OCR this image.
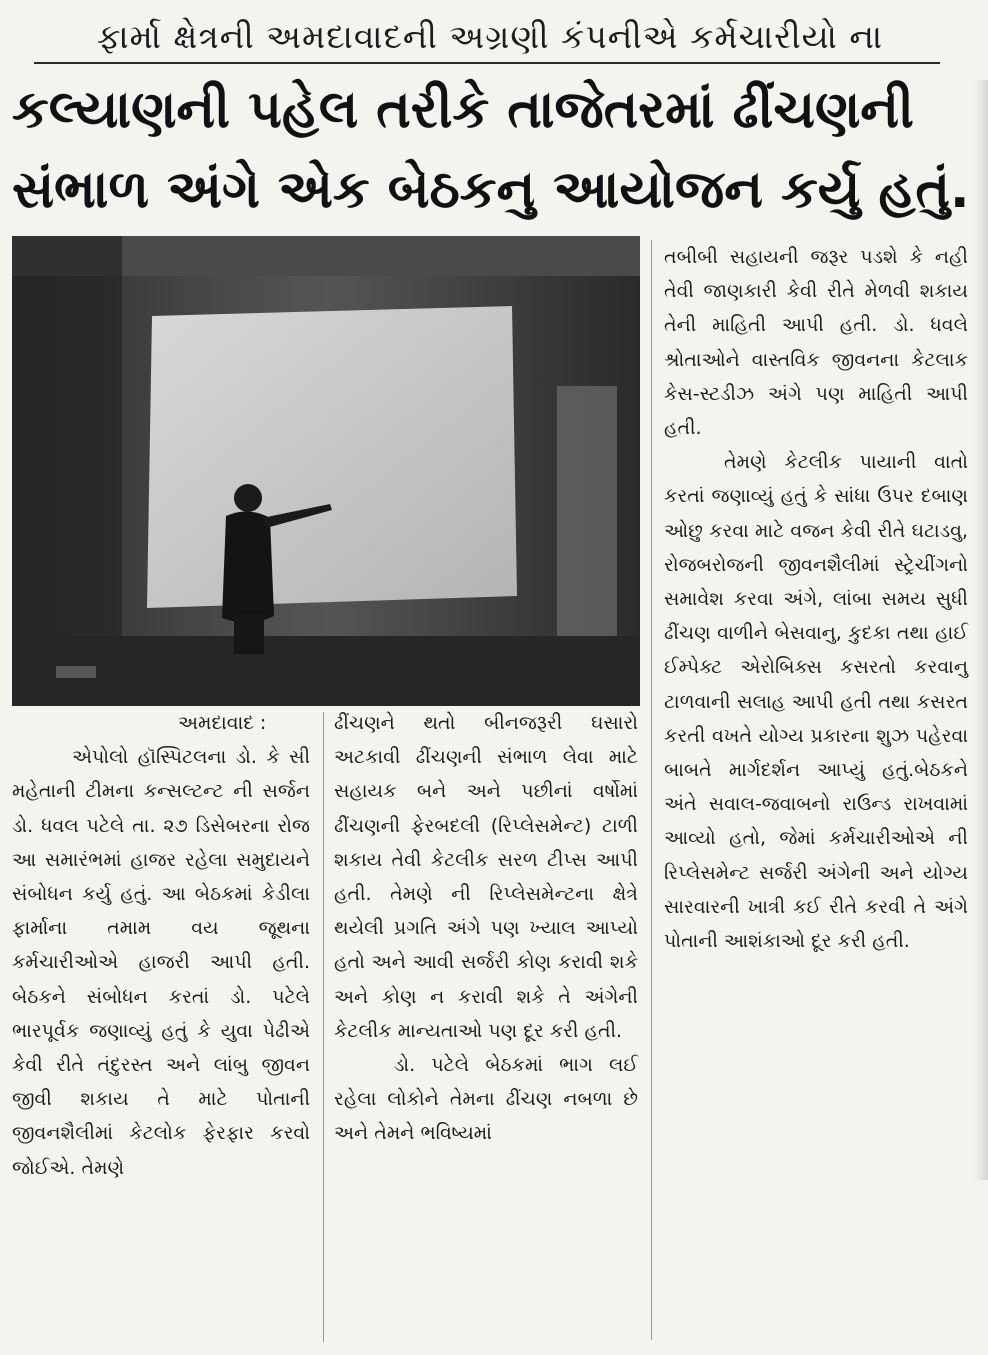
ફાર્મા ક્ષેત્રની અમદાવાદની અગ્રણી કંપનીએ કર્મચારીયો ના
કલ્યાણની પહેલ તરીકે તાજેતરમાં ઢીંચણની
સંભાળ અંગે એક બેઠકનુ આયોજન કર્યુ હતું.

અમદાવાદ :

એપોલો હૉસ્પિટલના ડો. કે સી મહેતાની ટીમના કન્સલ્ટન્ટ ની સર્જન ડો. ધવલ પટેલે તા. ૨૭ ડિસેબરના રોજ આ સમારંભમાં હાજર રહેલા સમુદાયને સંબોધન કર્યુ હતું. આ બેઠકમાં કેડીલા ફાર્માના તમામ વય જૂથના કર્મચારીઓએ હાજરી આપી હતી. બેઠકને સંબોધન કરતાં ડો. પટેલે ભારપૂર્વક જણાવ્યું હતું કે યુવા પેઢીએ કેવી રીતે તંદુરસ્ત અને લાંબુ જીવન જીવી શકાય તે માટે પોતાની જીવનશૈલીમાં કેટલોક ફેરફાર કરવો જોઈએ. તેમણે

ઢીંચણને થતો બીનજરૂરી ઘસારો અટકાવી ઢીંચણની સંભાળ લેવા માટે સહાયક બને અને પછીનાં વર્ષોમાં ઢીંચણની ફેરબદલી (રિપ્લેસમેન્ટ) ટાળી શકાય તેવી કેટલીક સરળ ટીપ્સ આપી હતી. તેમણે ની રિપ્લેસમેન્ટના ક્ષેત્રે થયેલી પ્રગતિ અંગે પણ ખ્યાલ આપ્યો હતો અને આવી સર્જરી કોણ કરાવી શકે અને કોણ ન કરાવી શકે તે અંગેની કેટલીક માન્યતાઓ પણ દૂર કરી હતી.

ડો. પટેલે બેઠકમાં ભાગ લઈ રહેલા લોકોને તેમના ઢીંચણ નબળા છે અને તેમને ભવિષ્યમાં

તબીબી સહાયની જરૂર પડશે કે નહી તેવી જાણકારી કેવી રીતે મેળવી શકાય તેની માહિતી આપી હતી. ડો. ધવલે શ્રોતાઓને વાસ્તવિક જીવનના કેટલાક કેસ-સ્ટડીઝ અંગે પણ માહિતી આપી હતી.

તેમણે કેટલીક પાયાની વાતો કરતાં જણાવ્યું હતું કે સાંધા ઉપર દબાણ ઓછુ કરવા માટે વજન કેવી રીતે ઘટાડવુ, રોજબરોજની જીવનશૈલીમાં સ્ટ્રેચીંગનો સમાવેશ કરવા અંગે, લાંબા સમય સુધી ઢીંચણ વાળીને બેસવાનુ, કુદકા તથા હાઈ ઈમ્પેક્ટ એરોબિક્સ કસરતો કરવાનુ ટાળવાની સલાહ આપી હતી તથા કસરત કરતી વખતે યોગ્ય પ્રકારના શુઝ પહેરવા બાબતે માર્ગદર્શન આપ્યું હતું.બેઠકને અંતે સવાલ-જવાબનો રાઉન્ડ રાખવામાં આવ્યો હતો, જેમાં કર્મચારીઓએ ની રિપ્લેસમેન્ટ સર્જરી અંગેની અને યોગ્ય સારવારની ખાત્રી કઈ રીતે કરવી તે અંગે પોતાની આશંકાઓ દૂર કરી હતી.
